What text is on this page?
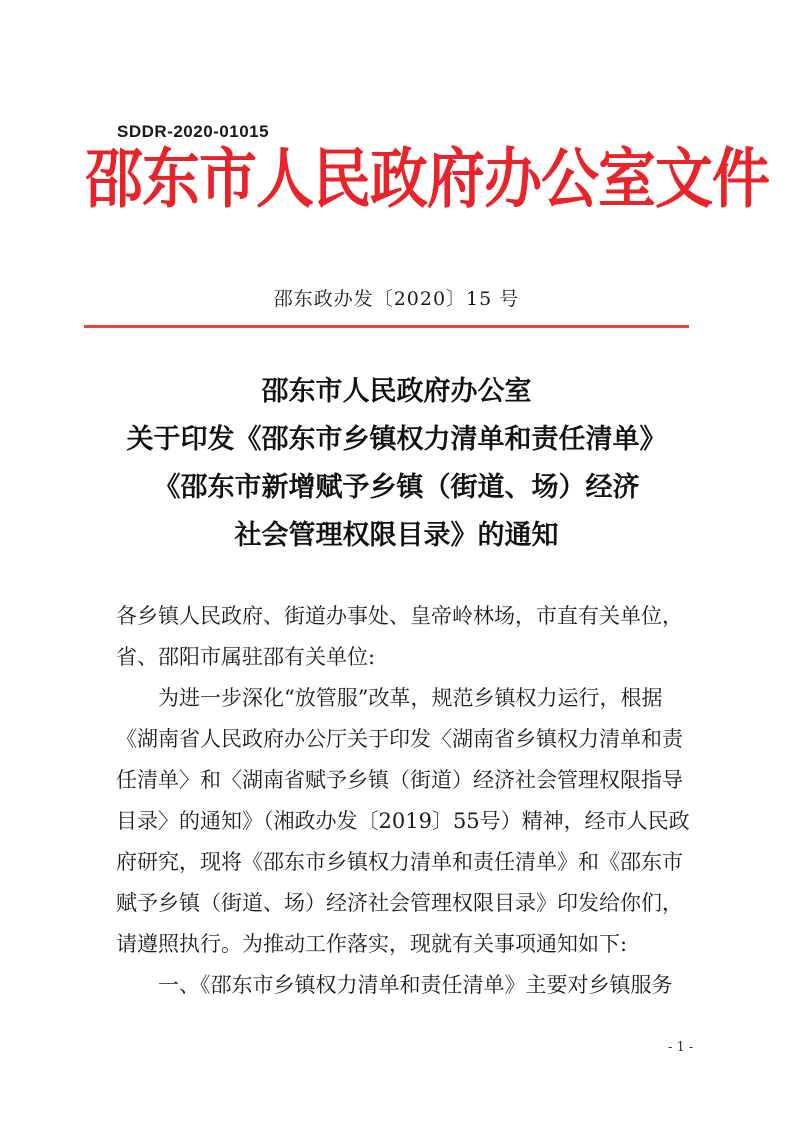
SDDR-2020-01015
邵东市人民政府办公室文件
邵东政办发〔2020〕15 号
邵东市人民政府办公室
关于印发《邵东市乡镇权力清单和责任清单》
《邵东市新增赋予乡镇（街道、场）经济
社会管理权限目录》的通知
各乡镇人民政府、街道办事处、皇帝岭林场，市直有关单位，
省、邵阳市属驻邵有关单位:
　　为进一步深化“放管服”改革，规范乡镇权力运行，根据
《湖南省人民政府办公厅关于印发〈湖南省乡镇权力清单和责
任清单〉和〈湖南省赋予乡镇（街道）经济社会管理权限指导
目录〉的通知》（湘政办发〔2019〕55号）精神，经市人民政
府研究，现将《邵东市乡镇权力清单和责任清单》和《邵东市
赋予乡镇（街道、场）经济社会管理权限目录》印发给你们，
请遵照执行。为推动工作落实，现就有关事项通知如下:
　　一、《邵东市乡镇权力清单和责任清单》主要对乡镇服务
- 1 -
